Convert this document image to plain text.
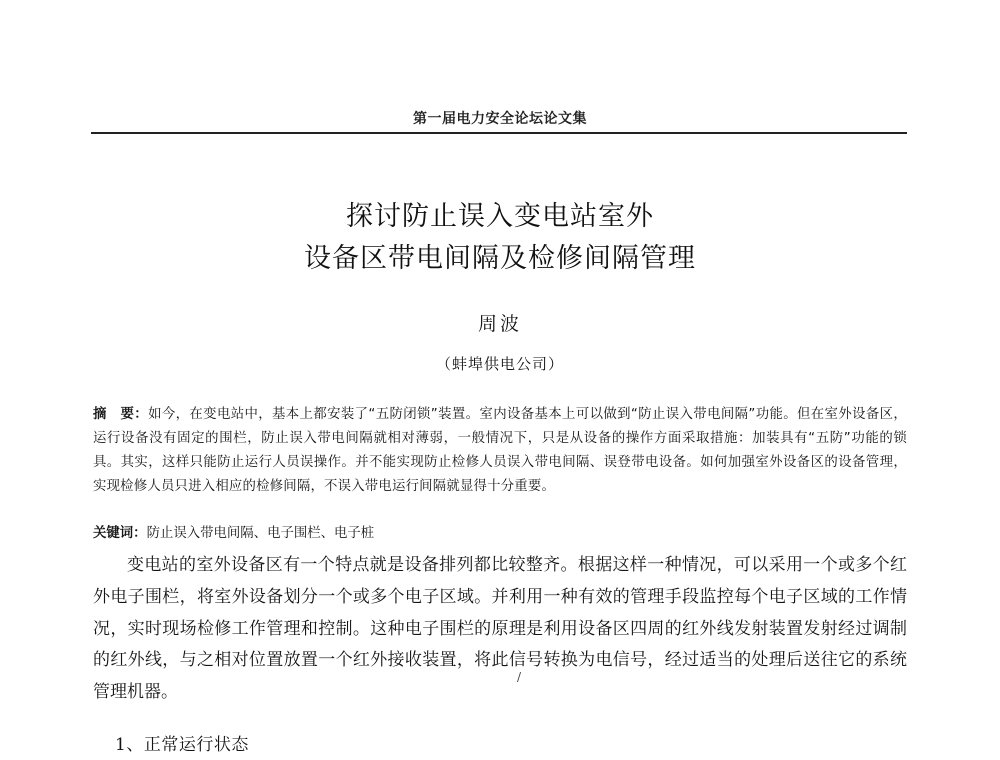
第一届电力安全论坛论文集
探讨防止误入变电站室外
设备区带电间隔及检修间隔管理
周波
（蚌埠供电公司）
摘　要：如今，在变电站中，基本上都安装了“五防闭锁”装置。室内设备基本上可以做到“防止误入带电间隔”功能。但在室外设备区，运行设备没有固定的围栏，防止误入带电间隔就相对薄弱，一般情况下，只是从设备的操作方面采取措施：加装具有“五防”功能的锁具。其实，这样只能防止运行人员误操作。并不能实现防止检修人员误入带电间隔、误登带电设备。如何加强室外设备区的设备管理，实现检修人员只进入相应的检修间隔，不误入带电运行间隔就显得十分重要。
关键词：防止误入带电间隔、电子围栏、电子桩
变电站的室外设备区有一个特点就是设备排列都比较整齐。根据这样一种情况，可以采用一个或多个红外电子围栏，将室外设备划分一个或多个电子区域。并利用一种有效的管理手段监控每个电子区域的工作情况，实时现场检修工作管理和控制。这种电子围栏的原理是利用设备区四周的红外线发射装置发射经过调制的红外线，与之相对位置放置一个红外接收装置，将此信号转换为电信号，经过适当的处理后送往它的系统管理机器。
/
1、正常运行状态
